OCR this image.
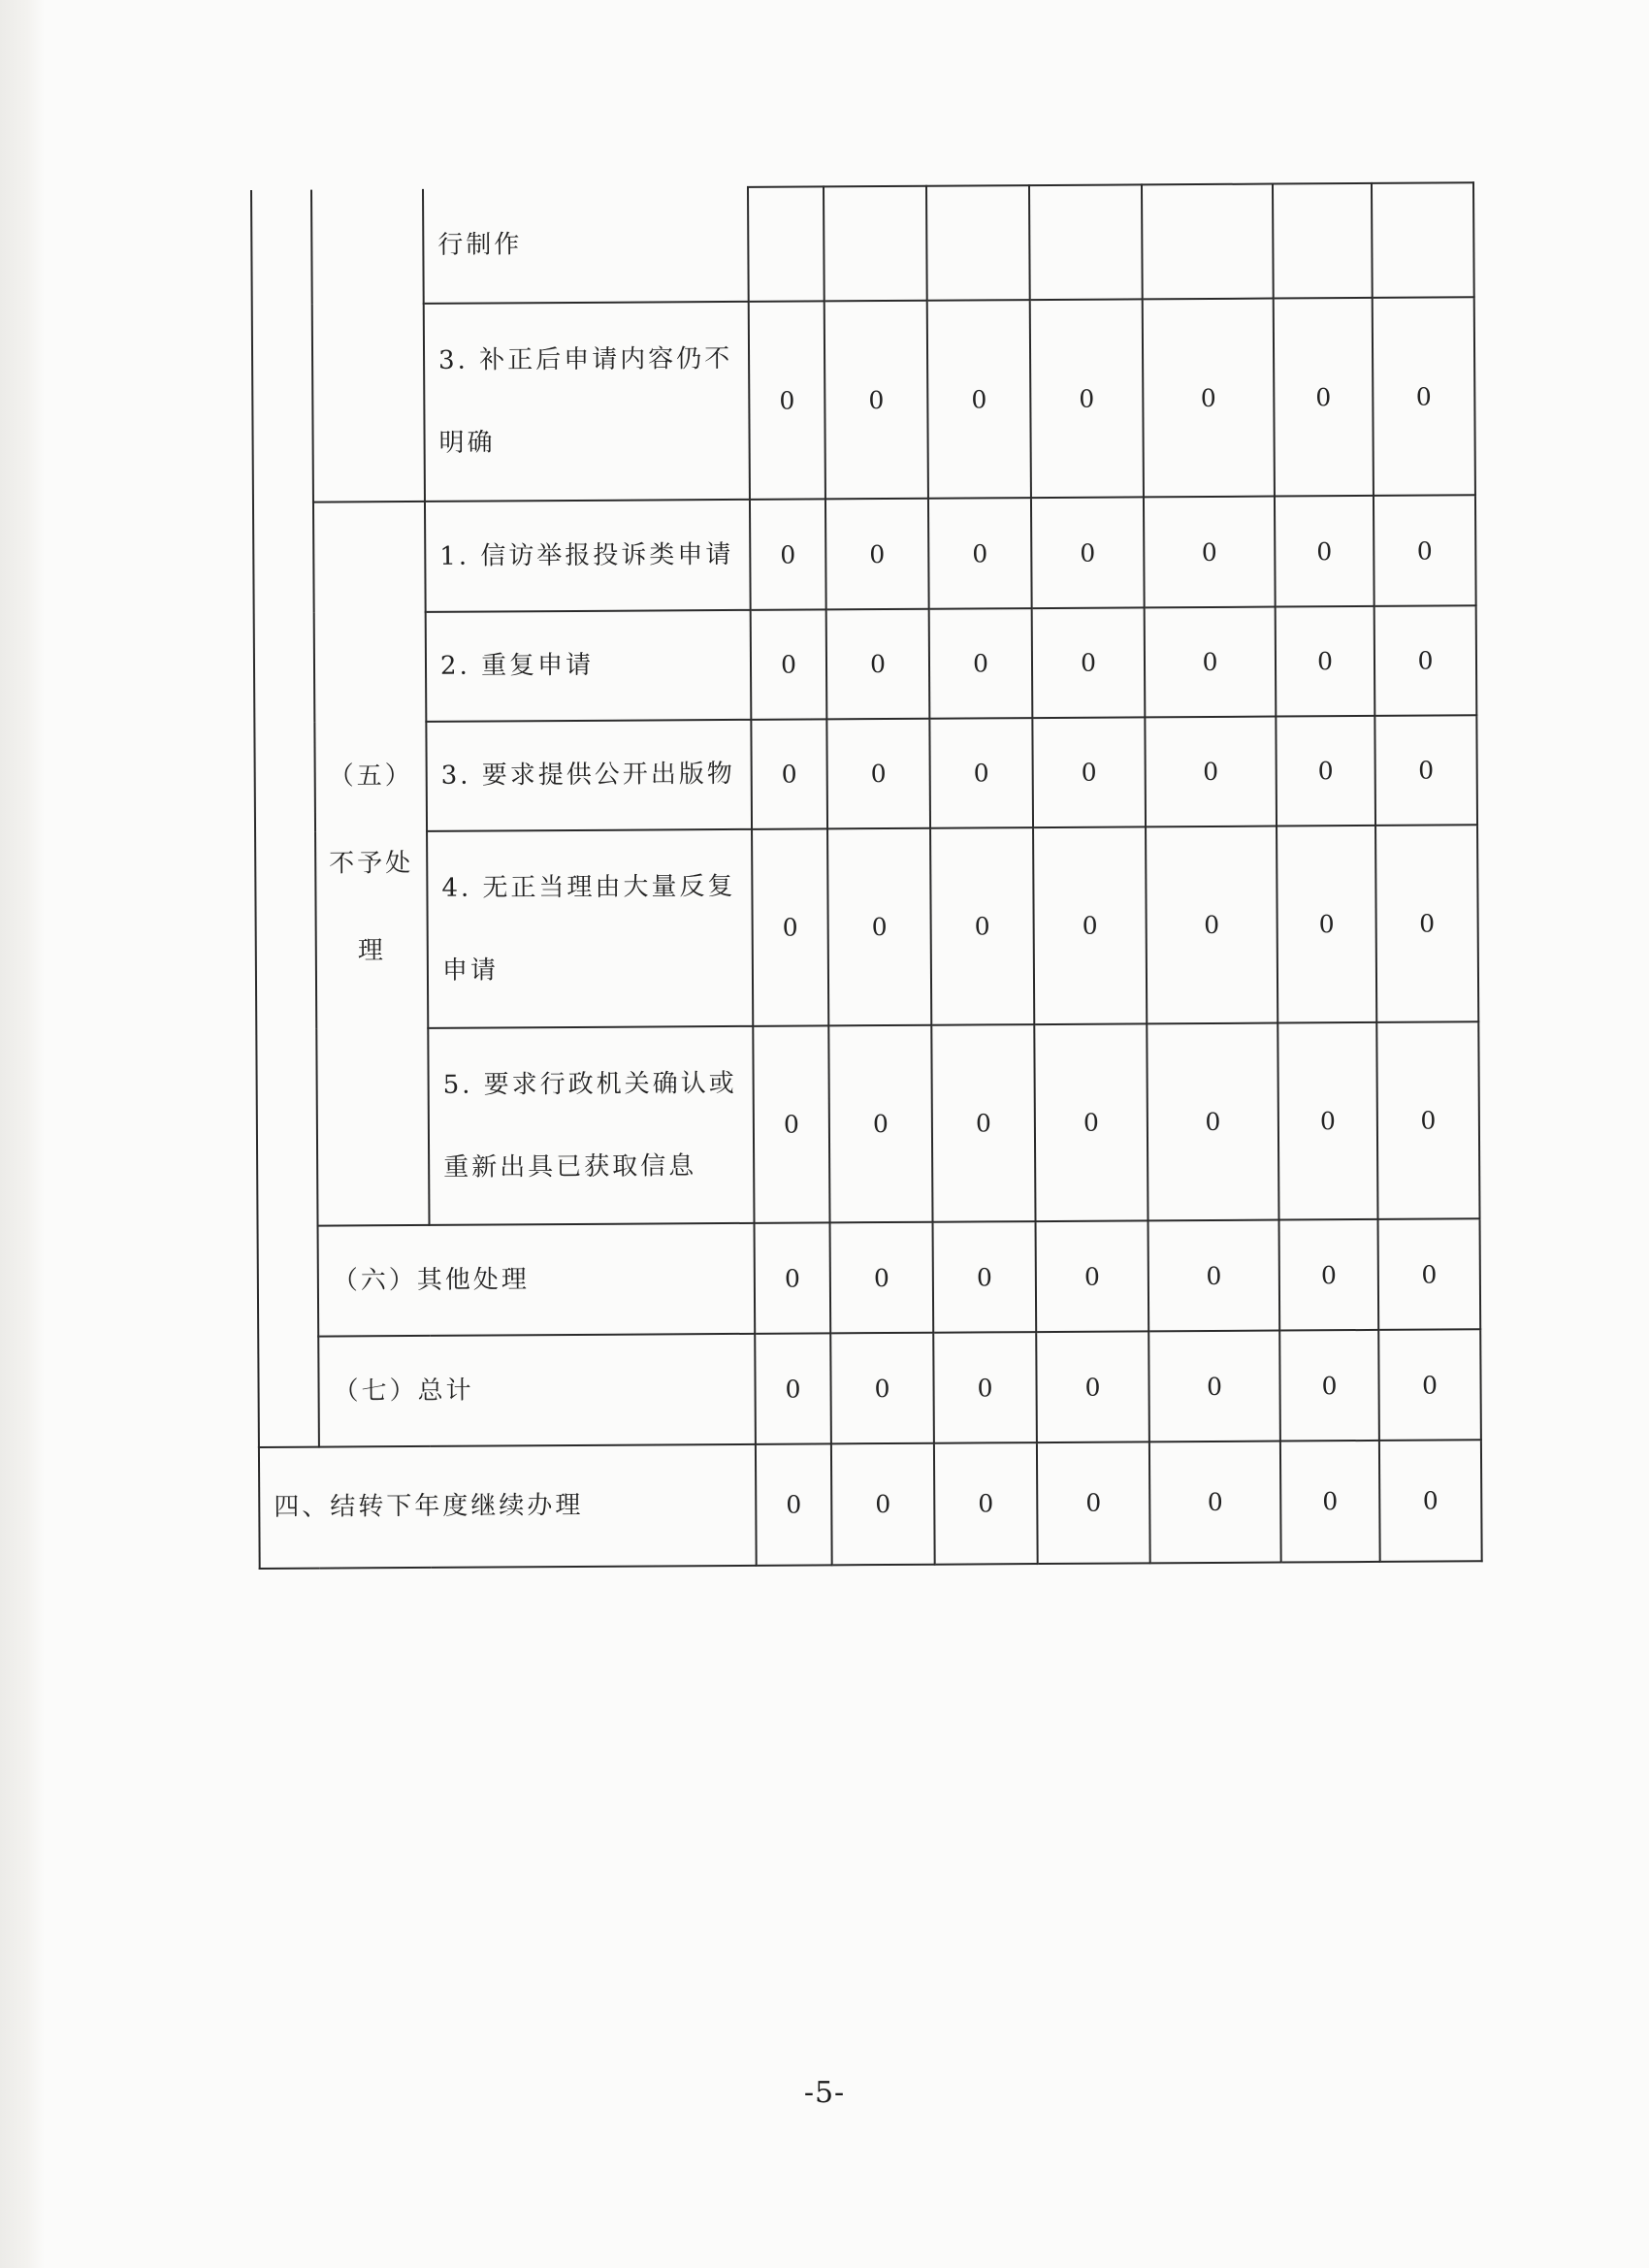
		行制作							
		3. 补正后申请内容仍不
明确	0	0	0	0	0	0	0
	（五）
不予处
理	1. 信访举报投诉类申请	0	0	0	0	0	0	0
		2. 重复申请	0	0	0	0	0	0	0
		3. 要求提供公开出版物	0	0	0	0	0	0	0
		4. 无正当理由大量反复
申请	0	0	0	0	0	0	0
		5. 要求行政机关确认或
重新出具已获取信息	0	0	0	0	0	0	0
	（六）其他处理		0	0	0	0	0	0	0
	（七）总计		0	0	0	0	0	0	0
四、结转下年度继续办理			0	0	0	0	0	0	0
-5-
